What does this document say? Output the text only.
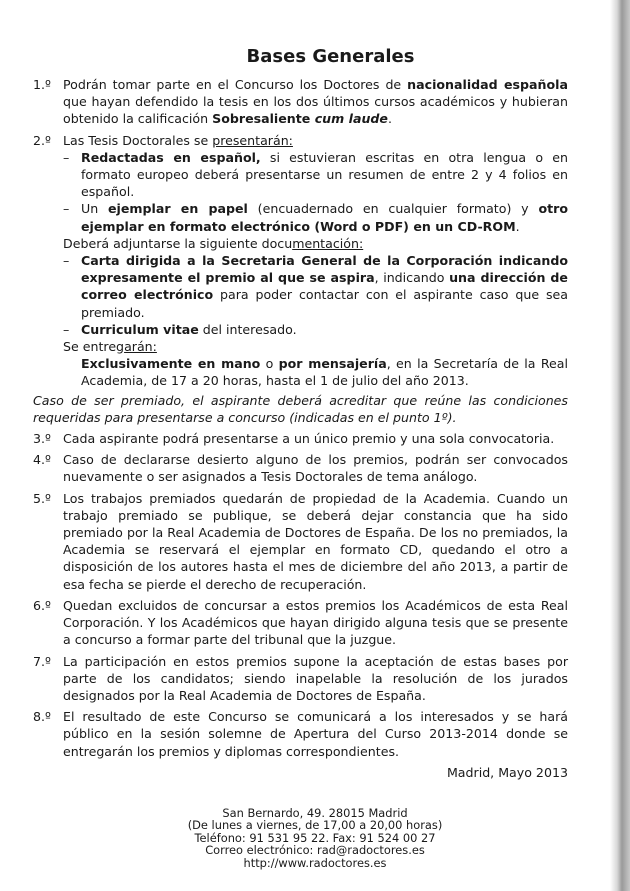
Bases Generales
1.º Podrán tomar parte en el Concurso los Doctores de nacionalidad española que hayan defendido la tesis en los dos últimos cursos académicos y hubieran obtenido la calificación Sobresaliente cum laude.
2.º Las Tesis Doctorales se presentarán:
– Redactadas en español, si estuvieran escritas en otra lengua o en formato europeo deberá presentarse un resumen de entre 2 y 4 folios en español.
– Un ejemplar en papel (encuadernado en cualquier formato) y otro ejemplar en formato electrónico (Word o PDF) en un CD-ROM.
Deberá adjuntarse la siguiente documentación:
– Carta dirigida a la Secretaria General de la Corporación indicando expresamente el premio al que se aspira, indicando una dirección de correo electrónico para poder contactar con el aspirante caso que sea premiado.
– Curriculum vitae del interesado.
Se entregarán:
Exclusivamente en mano o por mensajería, en la Secretaría de la Real Academia, de 17 a 20 horas, hasta el 1 de julio del año 2013.
Caso de ser premiado, el aspirante deberá acreditar que reúne las condiciones requeridas para presentarse a concurso (indicadas en el punto 1º).
3.º Cada aspirante podrá presentarse a un único premio y una sola convocatoria.
4.º Caso de declararse desierto alguno de los premios, podrán ser convocados nuevamente o ser asignados a Tesis Doctorales de tema análogo.
5.º Los trabajos premiados quedarán de propiedad de la Academia. Cuando un trabajo premiado se publique, se deberá dejar constancia que ha sido premiado por la Real Academia de Doctores de España. De los no premiados, la Academia se reservará el ejemplar en formato CD, quedando el otro a disposición de los autores hasta el mes de diciembre del año 2013, a partir de esa fecha se pierde el derecho de recuperación.
6.º Quedan excluidos de concursar a estos premios los Académicos de esta Real Corporación. Y los Académicos que hayan dirigido alguna tesis que se presente a concurso a formar parte del tribunal que la juzgue.
7.º La participación en estos premios supone la aceptación de estas bases por parte de los candidatos; siendo inapelable la resolución de los jurados designados por la Real Academia de Doctores de España.
8.º El resultado de este Concurso se comunicará a los interesados y se hará público en la sesión solemne de Apertura del Curso 2013-2014 donde se entregarán los premios y diplomas correspondientes.
Madrid, Mayo 2013
San Bernardo, 49. 28015 Madrid
(De lunes a viernes, de 17,00 a 20,00 horas)
Teléfono: 91 531 95 22. Fax: 91 524 00 27
Correo electrónico: rad@radoctores.es
http://www.radoctores.es
